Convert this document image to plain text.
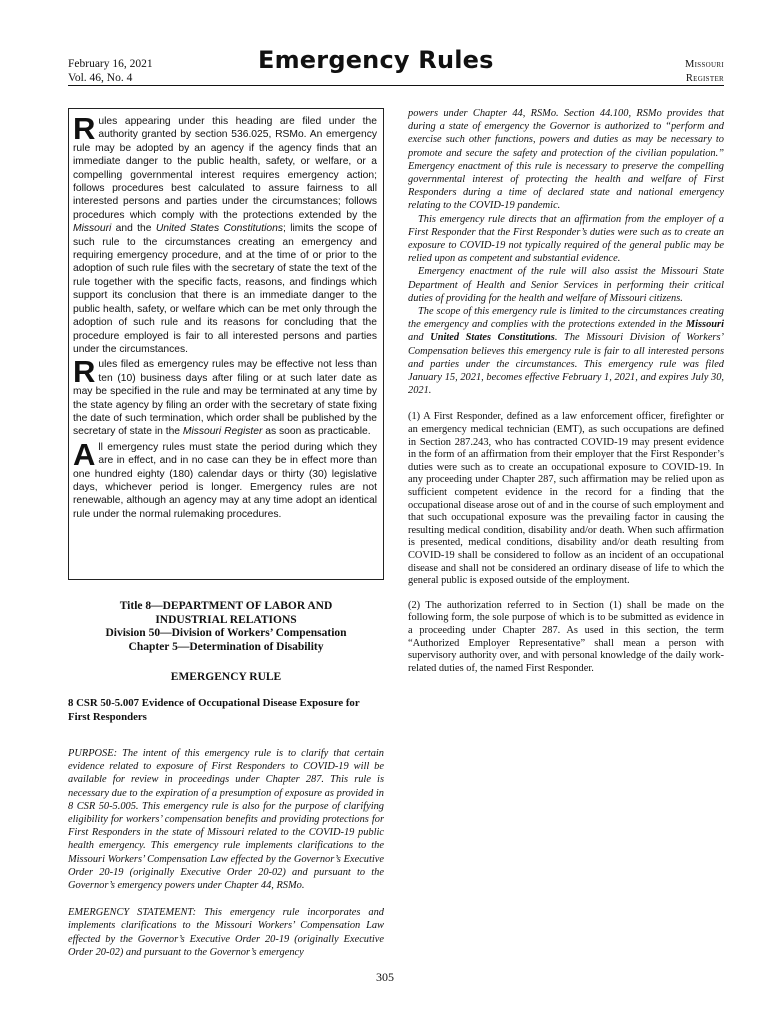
February 16, 2021
Vol. 46, No. 4
Emergency Rules	Missouri
Register

Rules appearing under this heading are filed under the authority granted by section 536.025, RSMo. An emergency rule may be adopted by an agency if the agency finds that an immediate danger to the public health, safety, or welfare, or a compelling governmental interest requires emergency action; follows procedures best calculated to assure fairness to all interested persons and parties under the circumstances; follows procedures which comply with the protections extended by the Missouri and the United States Constitutions; limits the scope of such rule to the circumstances creating an emergency and requiring emergency procedure, and at the time of or prior to the adoption of such rule files with the secretary of state the text of the rule together with the specific facts, reasons, and findings which support its conclusion that there is an immediate danger to the public health, safety, or welfare which can be met only through the adoption of such rule and its reasons for concluding that the procedure employed is fair to all interested persons and parties under the circumstances.

Rules filed as emergency rules may be effective not less than ten (10) business days after filing or at such later date as may be specified in the rule and may be terminated at any time by the state agency by filing an order with the secretary of state fixing the date of such termination, which order shall be published by the secretary of state in the Missouri Register as soon as practicable.

All emergency rules must state the period during which they are in effect, and in no case can they be in effect more than one hundred eighty (180) calendar days or thirty (30) legislative days, whichever period is longer. Emergency rules are not renewable, although an agency may at any time adopt an identical rule under the normal rulemaking procedures.

Title 8—DEPARTMENT OF LABOR AND
INDUSTRIAL RELATIONS
Division 50—Division of Workers’ Compensation
Chapter 5—Determination of Disability
EMERGENCY RULE
8 CSR 50-5.007 Evidence of Occupational Disease Exposure for First Responders

PURPOSE: The intent of this emergency rule is to clarify that certain evidence related to exposure of First Responders to COVID-19 will be available for review in proceedings under Chapter 287. This rule is necessary due to the expiration of a presumption of exposure as provided in 8 CSR 50-5.005. This emergency rule is also for the purpose of clarifying eligibility for workers’ compensation benefits and providing protections for First Responders in the state of Missouri related to the COVID-19 public health emergency. This emergency rule implements clarifications to the Missouri Workers’ Compensation Law effected by the Governor’s Executive Order 20-19 (originally Executive Order 20-02) and pursuant to the Governor’s emergency powers under Chapter 44, RSMo.

EMERGENCY STATEMENT: This emergency rule incorporates and implements clarifications to the Missouri Workers’ Compensation Law effected by the Governor’s Executive Order 20-19 (originally Executive Order 20-02) and pursuant to the Governor’s emergency

powers under Chapter 44, RSMo. Section 44.100, RSMo provides that during a state of emergency the Governor is authorized to “perform and exercise such other functions, powers and duties as may be necessary to promote and secure the safety and protection of the civilian population.” Emergency enactment of this rule is necessary to preserve the compelling governmental interest of protecting the health and welfare of First Responders during a time of declared state and national emergency relating to the COVID-19 pandemic.

This emergency rule directs that an affirmation from the employer of a First Responder that the First Responder’s duties were such as to create an exposure to COVID-19 not typically required of the general public may be relied upon as competent and substantial evidence.

Emergency enactment of the rule will also assist the Missouri State Department of Health and Senior Services in performing their critical duties of providing for the health and welfare of Missouri citizens.

The scope of this emergency rule is limited to the circumstances creating the emergency and complies with the protections extended in the Missouri and United States Constitutions. The Missouri Division of Workers’ Compensation believes this emergency rule is fair to all interested persons and parties under the circumstances. This emergency rule was filed January 15, 2021, becomes effective February 1, 2021, and expires July 30, 2021.

(1) A First Responder, defined as a law enforcement officer, firefighter or an emergency medical technician (EMT), as such occupations are defined in Section 287.243, who has contracted COVID-19 may present evidence in the form of an affirmation from their employer that the First Responder’s duties were such as to create an occupational exposure to COVID-19. In any proceeding under Chapter 287, such affirmation may be relied upon as sufficient competent evidence in the record for a finding that the occupational disease arose out of and in the course of such employment and that such occupational exposure was the prevailing factor in causing the resulting medical condition, disability and/or death. When such affirmation is presented, medical conditions, disability and/or death resulting from COVID-19 shall be considered to follow as an incident of an occupational disease and shall not be considered an ordinary disease of life to which the general public is exposed outside of the employment.

(2) The authorization referred to in Section (1) shall be made on the following form, the sole purpose of which is to be submitted as evidence in a proceeding under Chapter 287. As used in this section, the term “Authorized Employer Representative” shall mean a person with supervisory authority over, and with personal knowledge of the daily work-related duties of, the named First Responder.

305
